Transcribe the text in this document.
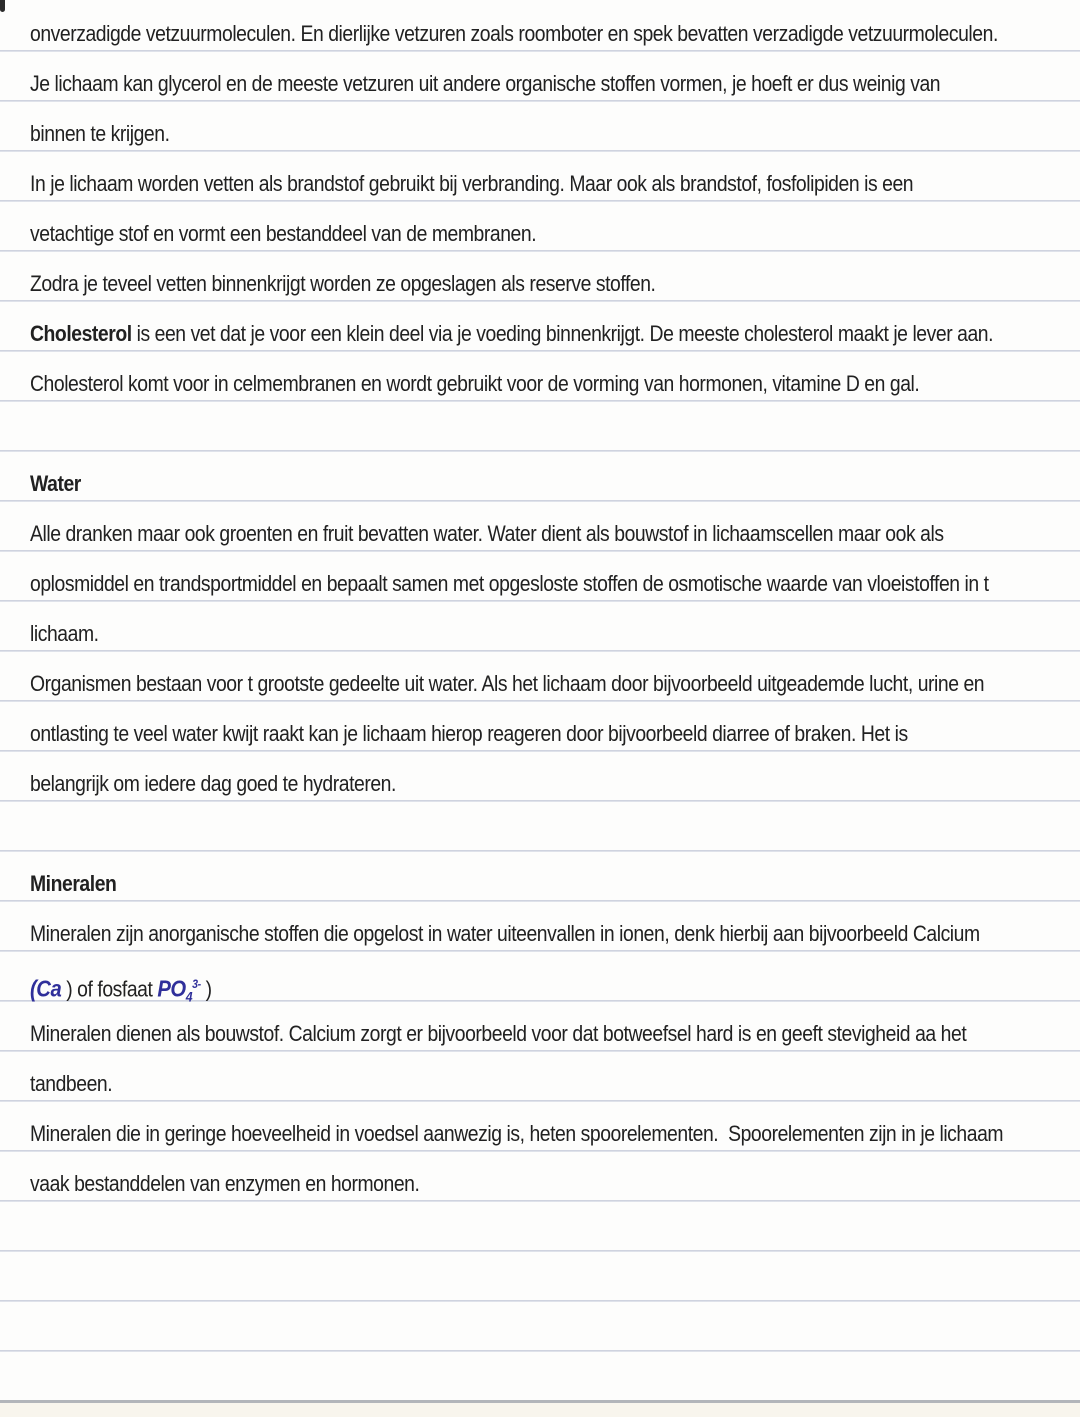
onverzadigde vetzuurmoleculen. En dierlijke vetzuren zoals roomboter en spek bevatten verzadigde vetzuurmoleculen.
Je lichaam kan glycerol en de meeste vetzuren uit andere organische stoffen vormen, je hoeft er dus weinig van
binnen te krijgen.
In je lichaam worden vetten als brandstof gebruikt bij verbranding. Maar ook als brandstof, fosfolipiden is een
vetachtige stof en vormt een bestanddeel van de membranen.
Zodra je teveel vetten binnenkrijgt worden ze opgeslagen als reserve stoffen.
Cholesterol is een vet dat je voor een klein deel via je voeding binnenkrijgt. De meeste cholesterol maakt je lever aan.
Cholesterol komt voor in celmembranen en wordt gebruikt voor de vorming van hormonen, vitamine D en gal.
Water
Alle dranken maar ook groenten en fruit bevatten water. Water dient als bouwstof in lichaamscellen maar ook als
oplosmiddel en trandsportmiddel en bepaalt samen met opgesloste stoffen de osmotische waarde van vloeistoffen in t
lichaam.
Organismen bestaan voor t grootste gedeelte uit water. Als het lichaam door bijvoorbeeld uitgeademde lucht, urine en
ontlasting te veel water kwijt raakt kan je lichaam hierop reageren door bijvoorbeeld diarree of braken. Het is
belangrijk om iedere dag goed te hydrateren.
Mineralen
Mineralen zijn anorganische stoffen die opgelost in water uiteenvallen in ionen, denk hierbij aan bijvoorbeeld Calcium
(Ca ) of fosfaat $PO_4^{3-}$ )
Mineralen dienen als bouwstof. Calcium zorgt er bijvoorbeeld voor dat botweefsel hard is en geeft stevigheid aa het
tandbeen.
Mineralen die in geringe hoeveelheid in voedsel aanwezig is, heten spoorelementen.  Spoorelementen zijn in je lichaam
vaak bestanddelen van enzymen en hormonen.
